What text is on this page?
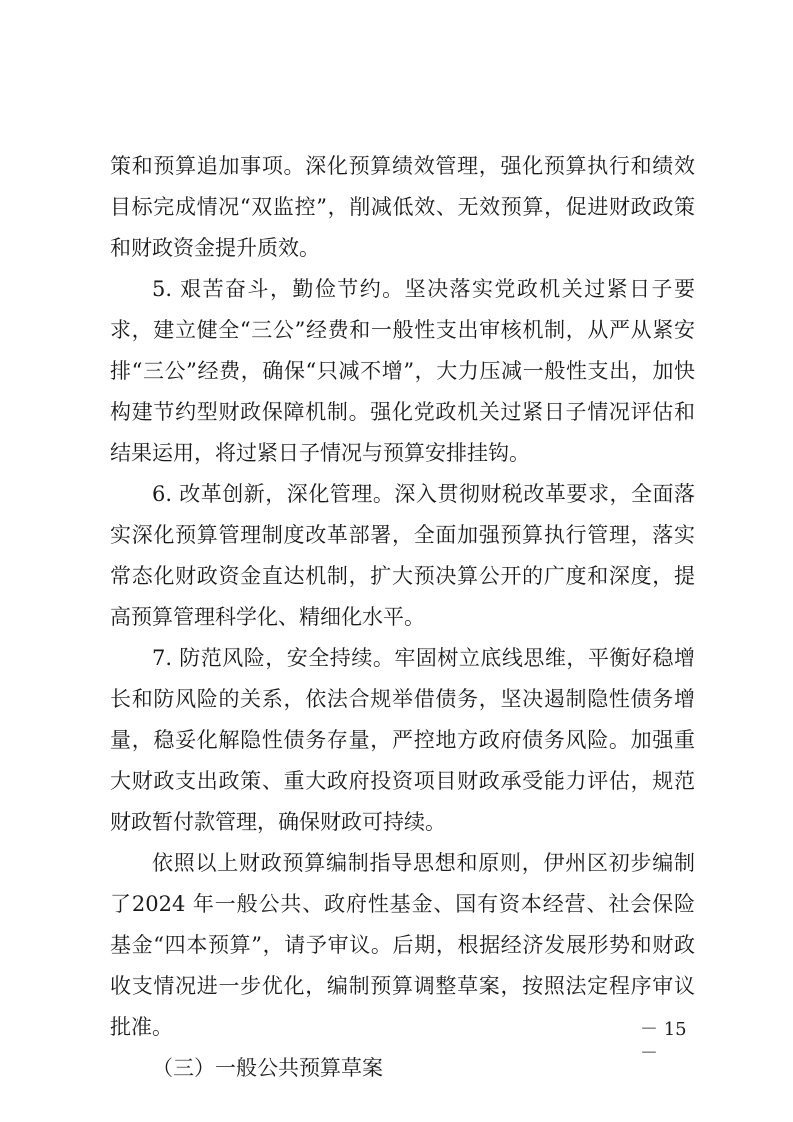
策和预算追加事项。深化预算绩效管理，强化预算执行和绩效目标完成情况“双监控”，削减低效、无效预算，促进财政政策和财政资金提升质效。

5. 艰苦奋斗，勤俭节约。坚决落实党政机关过紧日子要求，建立健全“三公”经费和一般性支出审核机制，从严从紧安排“三公”经费，确保“只减不增”，大力压减一般性支出，加快构建节约型财政保障机制。强化党政机关过紧日子情况评估和结果运用，将过紧日子情况与预算安排挂钩。

6. 改革创新，深化管理。深入贯彻财税改革要求，全面落实深化预算管理制度改革部署，全面加强预算执行管理，落实常态化财政资金直达机制，扩大预决算公开的广度和深度，提高预算管理科学化、精细化水平。

7. 防范风险，安全持续。牢固树立底线思维，平衡好稳增长和防风险的关系，依法合规举借债务，坚决遏制隐性债务增量，稳妥化解隐性债务存量，严控地方政府债务风险。加强重大财政支出政策、重大政府投资项目财政承受能力评估，规范财政暂付款管理，确保财政可持续。

依照以上财政预算编制指导思想和原则，伊州区初步编制了2024 年一般公共、政府性基金、国有资本经营、社会保险基金“四本预算”，请予审议。后期，根据经济发展形势和财政收支情况进一步优化，编制预算调整草案，按照法定程序审议批准。

（三）一般公共预算草案

－ 15 －
